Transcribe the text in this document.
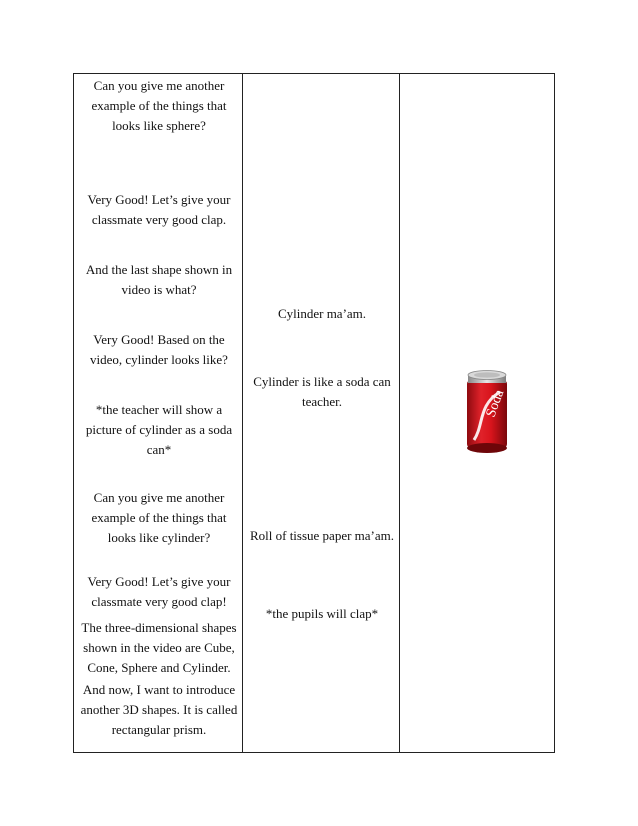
Can you give me another
example of the things that
looks like sphere?
Very Good! Let’s give your
classmate very good clap.
And the last shape shown in
video is what?
Very Good! Based on the
video, cylinder looks like?
*the teacher will show a
picture of cylinder as a soda
can*
Can you give me another
example of the things that
looks like cylinder?
Very Good! Let’s give your
classmate very good clap!
The three-dimensional shapes
shown in the video are Cube,
Cone, Sphere and Cylinder.
And now, I want to introduce
another 3D shapes. It is called
rectangular prism.
Cylinder ma’am.
Cylinder is like a soda can
teacher.
Roll of tissue paper ma’am.
*the pupils will clap*
Soda
